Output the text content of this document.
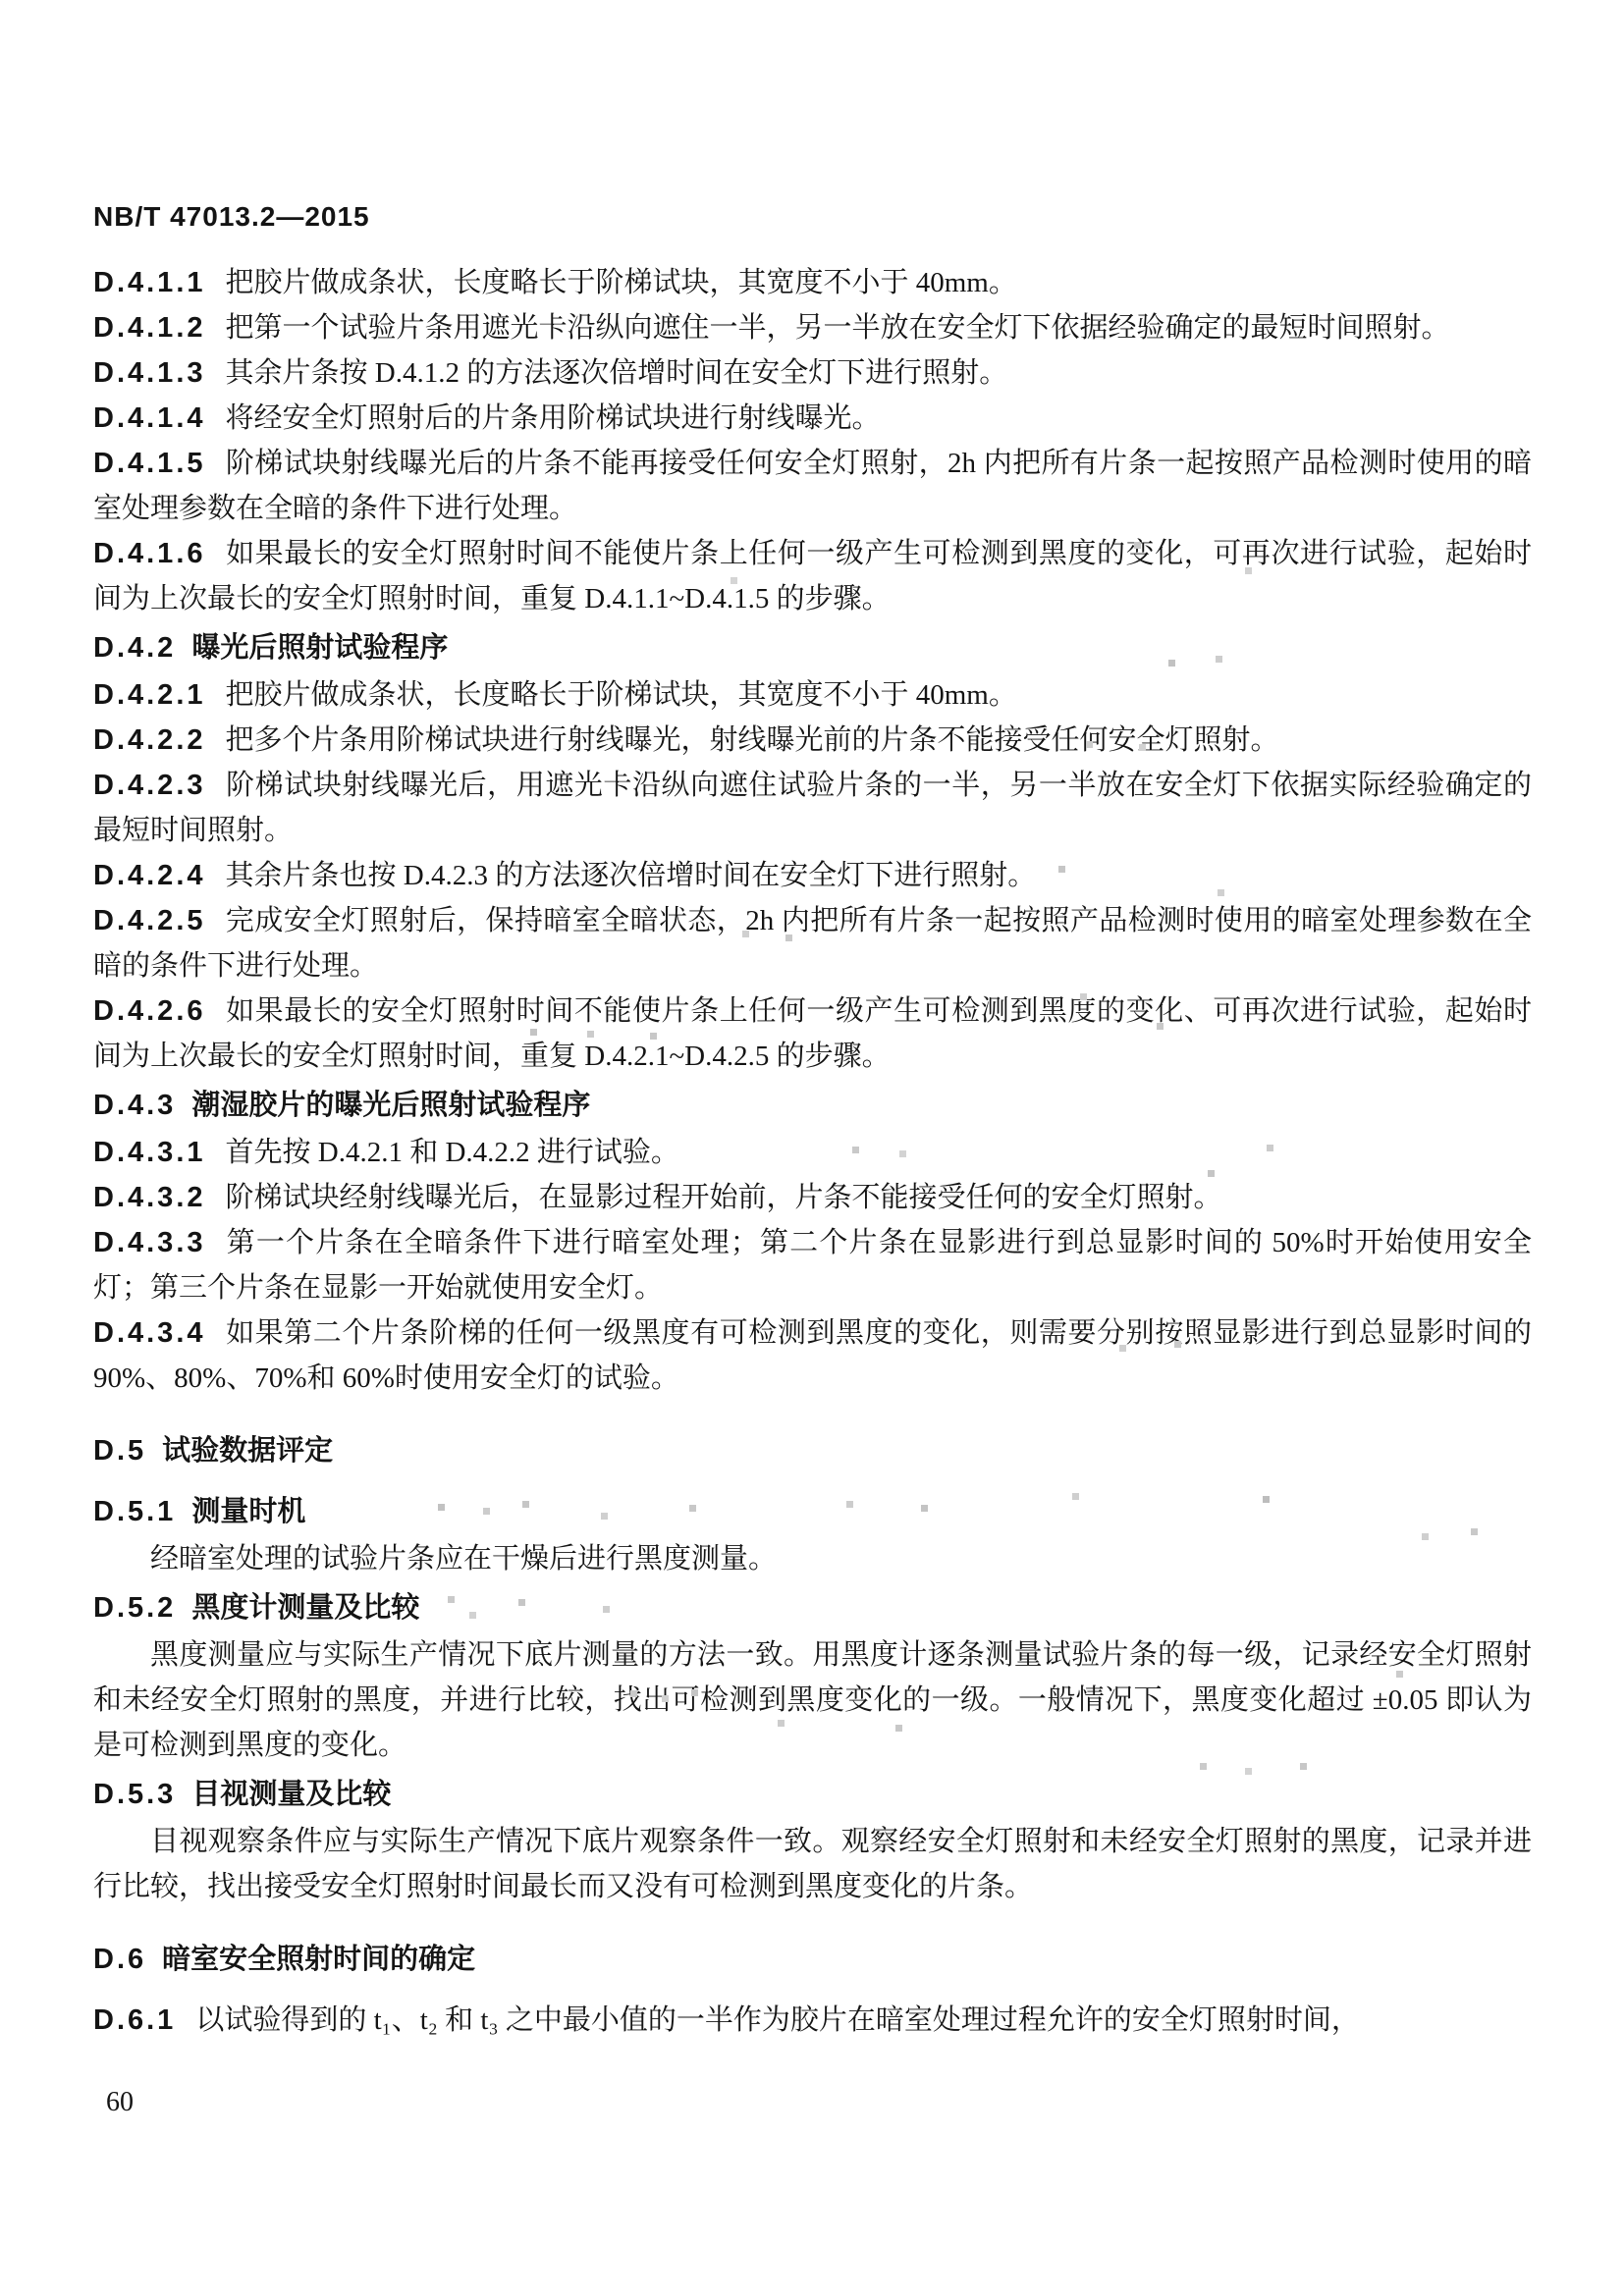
NB/T 47013.2—2015

D.4.1.1 把胶片做成条状，长度略长于阶梯试块，其宽度不小于 40mm。

D.4.1.2 把第一个试验片条用遮光卡沿纵向遮住一半，另一半放在安全灯下依据经验确定的最短时间照射。

D.4.1.3 其余片条按 D.4.1.2 的方法逐次倍增时间在安全灯下进行照射。

D.4.1.4 将经安全灯照射后的片条用阶梯试块进行射线曝光。

D.4.1.5 阶梯试块射线曝光后的片条不能再接受任何安全灯照射，2h 内把所有片条一起按照产品检测时使用的暗室处理参数在全暗的条件下进行处理。

D.4.1.6 如果最长的安全灯照射时间不能使片条上任何一级产生可检测到黑度的变化，可再次进行试验，起始时间为上次最长的安全灯照射时间，重复 D.4.1.1~D.4.1.5 的步骤。

D.4.2 曝光后照射试验程序

D.4.2.1 把胶片做成条状，长度略长于阶梯试块，其宽度不小于 40mm。

D.4.2.2 把多个片条用阶梯试块进行射线曝光，射线曝光前的片条不能接受任何安全灯照射。

D.4.2.3 阶梯试块射线曝光后，用遮光卡沿纵向遮住试验片条的一半，另一半放在安全灯下依据实际经验确定的最短时间照射。

D.4.2.4 其余片条也按 D.4.2.3 的方法逐次倍增时间在安全灯下进行照射。

D.4.2.5 完成安全灯照射后，保持暗室全暗状态，2h 内把所有片条一起按照产品检测时使用的暗室处理参数在全暗的条件下进行处理。

D.4.2.6 如果最长的安全灯照射时间不能使片条上任何一级产生可检测到黑度的变化、可再次进行试验，起始时间为上次最长的安全灯照射时间，重复 D.4.2.1~D.4.2.5 的步骤。

D.4.3 潮湿胶片的曝光后照射试验程序

D.4.3.1 首先按 D.4.2.1 和 D.4.2.2 进行试验。

D.4.3.2 阶梯试块经射线曝光后，在显影过程开始前，片条不能接受任何的安全灯照射。

D.4.3.3 第一个片条在全暗条件下进行暗室处理；第二个片条在显影进行到总显影时间的 50%时开始使用安全灯；第三个片条在显影一开始就使用安全灯。

D.4.3.4 如果第二个片条阶梯的任何一级黑度有可检测到黑度的变化，则需要分别按照显影进行到总显影时间的 90%、80%、70%和 60%时使用安全灯的试验。

D.5 试验数据评定

D.5.1 测量时机

经暗室处理的试验片条应在干燥后进行黑度测量。

D.5.2 黑度计测量及比较

黑度测量应与实际生产情况下底片测量的方法一致。用黑度计逐条测量试验片条的每一级，记录经安全灯照射和未经安全灯照射的黑度，并进行比较，找出可检测到黑度变化的一级。一般情况下，黑度变化超过 ±0.05 即认为是可检测到黑度的变化。

D.5.3 目视测量及比较

目视观察条件应与实际生产情况下底片观察条件一致。观察经安全灯照射和未经安全灯照射的黑度，记录并进行比较，找出接受安全灯照射时间最长而又没有可检测到黑度变化的片条。

D.6 暗室安全照射时间的确定

D.6.1 以试验得到的 t₁、t₂ 和 t₃ 之中最小值的一半作为胶片在暗室处理过程允许的安全灯照射时间，

60
